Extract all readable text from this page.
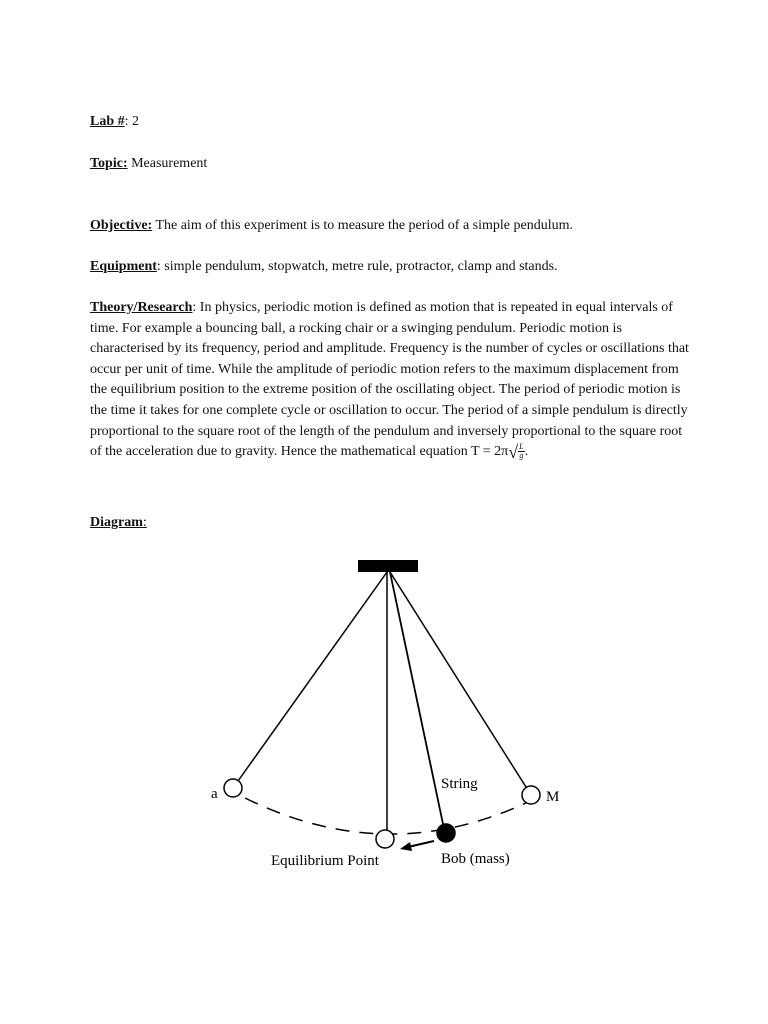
Lab #: 2
Topic: Measurement
Objective: The aim of this experiment is to measure the period of a simple pendulum.
Equipment: simple pendulum, stopwatch, metre rule, protractor, clamp and stands.
Theory/Research: In physics, periodic motion is defined as motion that is repeated in equal intervals of time. For example a bouncing ball, a rocking chair or a swinging pendulum. Periodic motion is characterised by its frequency, period and amplitude. Frequency is the number of cycles or oscillations that occur per unit of time. While the amplitude of periodic motion refers to the maximum displacement from the equilibrium position to the extreme position of the oscillating object. The period of periodic motion is the time it takes for one complete cycle or oscillation to occur. The period of a simple pendulum is directly proportional to the square root of the length of the pendulum and inversely proportional to the square root of the acceleration due to gravity. Hence the mathematical equation $T = 2\pi√ \frac{L}{g}$ .
Diagram:
a	M
String
Equilibrium Point	Bob (mass)
